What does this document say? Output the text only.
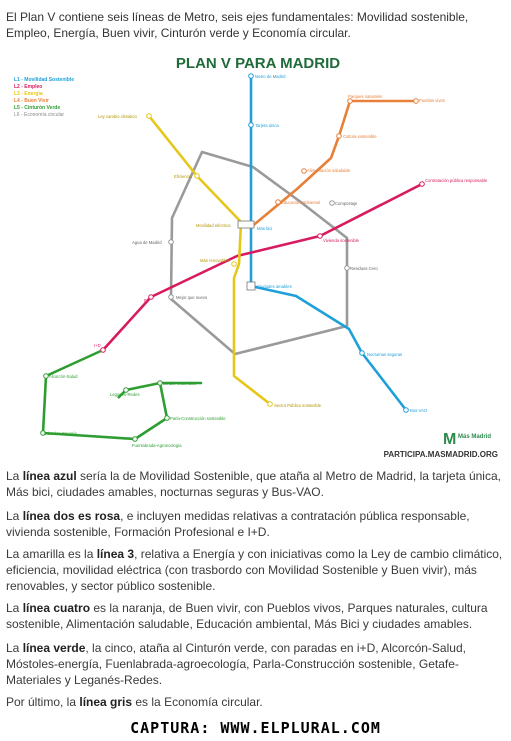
El Plan V contiene seis líneas de Metro, seis ejes fundamentales: Movilidad sostenible, Empleo, Energía, Buen vivir, Cinturón verde y Economía circular.
PLAN V PARA MADRID
L1 - Movilidad Sostenible
L2 - Empleo
L3 - Energía
L4 - Buen Vivir
L5 - Cinturón Verde
L6 - Economía circular
Metro de Madrid
Tarjeta única
Más bici
Ciudades amables
Nocturnas seguras
Bus-VAO
Parques naturales
Pueblos vivos
Cultura sostenible
Alimentación saludable
Educación ambiental
Contratación pública responsable
Vivienda sostenible
FP
I+D
Ley cambio climático
Eficiencia
Movilidad eléctrica
Más renovables
Sector Público sostenible
Alcorcón-Salud
Móstoles-Energía
Fuenlabrada-Agroecología
Parla-Construcción sostenible
Getafe-Materiales
Leganés-Redes
Compostaje
Agua de Madrid
Residuos Cero
Mejor que nuevo
M Más Madrid
PARTICIPA.MASMADRID.ORG
La línea azul sería la de Movilidad Sostenible, que ataña al Metro de Madrid, la tarjeta única, Más bici, ciudades amables, nocturnas seguras y Bus-VAO.
La línea dos es rosa, e incluyen medidas relativas a contratación pública responsable, vivienda sostenible, Formación Profesional e I+D.
La amarilla es la línea 3, relativa a Energía y con iniciativas como la Ley de cambio climático, eficiencia, movilidad eléctrica (con trasbordo con Movilidad Sostenible y Buen vivir), más renovables, y sector público sostenible.
La línea cuatro es la naranja, de Buen vivir, con Pueblos vivos, Parques naturales, cultura sostenible, Alimentación saludable, Educación ambiental, Más Bici y ciudades amables.
La línea verde, la cinco, ataña al Cinturón verde, con paradas en i+D, Alcorcón-Salud, Móstoles-energía, Fuenlabrada-agroecología, Parla-Construcción sostenible, Getafe-Materiales y Leganés-Redes.
Por último, la línea gris es la Economía circular.
CAPTURA: WWW.ELPLURAL.COM
